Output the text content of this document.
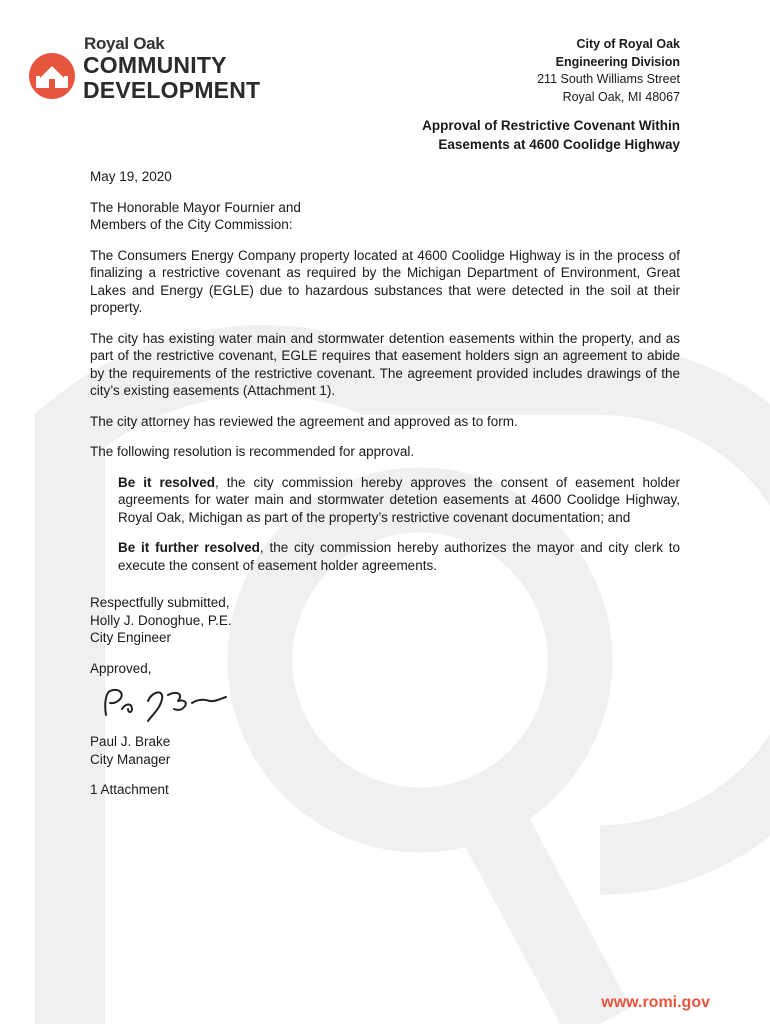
Royal Oak
COMMUNITY
DEVELOPMENT
City of Royal Oak
Engineering Division
211 South Williams Street
Royal Oak, MI 48067
Approval of Restrictive Covenant Within
Easements at 4600 Coolidge Highway

May 19, 2020

The Honorable Mayor Fournier and
Members of the City Commission:

The Consumers Energy Company property located at 4600 Coolidge Highway is in the process of finalizing a restrictive covenant as required by the Michigan Department of Environment, Great Lakes and Energy (EGLE) due to hazardous substances that were detected in the soil at their property.

The city has existing water main and stormwater detention easements within the property, and as part of the restrictive covenant, EGLE requires that easement holders sign an agreement to abide by the requirements of the restrictive covenant. The agreement provided includes drawings of the city’s existing easements (Attachment 1).

The city attorney has reviewed the agreement and approved as to form.

The following resolution is recommended for approval.

Be it resolved, the city commission hereby approves the consent of easement holder agreements for water main and stormwater detetion easements at 4600 Coolidge Highway, Royal Oak, Michigan as part of the property’s restrictive covenant documentation; and

Be it further resolved, the city commission hereby authorizes the mayor and city clerk to execute the consent of easement holder agreements.

Respectfully submitted,
Holly J. Donoghue, P.E.
City Engineer

Approved,

Paul J. Brake
City Manager

1 Attachment

www.romi.gov
